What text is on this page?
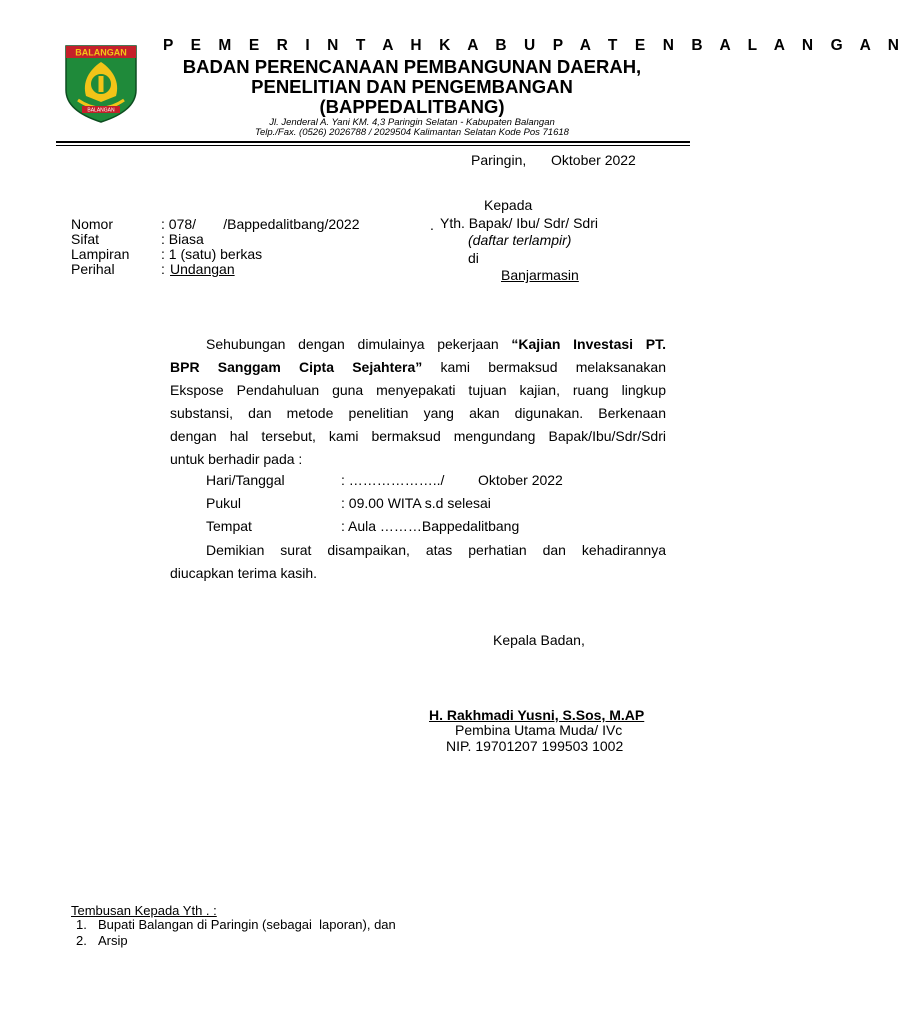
BALANGAN
BALANGAN
P E M E R I N T A H K A B U P A T E N B A L A N G A N
BADAN PERENCANAAN PEMBANGUNAN DAERAH,
PENELITIAN DAN PENGEMBANGAN
(BAPPEDALITBANG)
Jl. Jenderal A. Yani KM. 4,3 Paringin Selatan - Kabupaten Balangan
Telp./Fax. (0526) 2026788 / 2029504 Kalimantan Selatan Kode Pos 71618
Paringin, Oktober 2022
Kepada
. Yth. Bapak/ Ibu/ Sdr/ Sdri
(daftar terlampir)
di
Banjarmasin
Nomor	: 078/       /Bappedalitbang/2022
Sifat	: Biasa
Lampiran : 1 (satu) berkas
Perihal	: Undangan
Sehubungan dengan dimulainya pekerjaan “Kajian Investasi PT.
BPR Sanggam Cipta Sejahtera” kami bermaksud melaksanakan
Ekspose Pendahuluan guna menyepakati tujuan kajian, ruang lingkup
substansi, dan metode penelitian yang akan digunakan. Berkenaan
dengan hal tersebut, kami bermaksud mengundang Bapak/Ibu/Sdr/Sdri
untuk berhadir pada :
Hari/Tanggal	: ………………../ Oktober 2022
Pukul	: 09.00 WITA s.d selesai
Tempat	: Aula ………Bappedalitbang
Demikian surat disampaikan, atas perhatian dan kehadirannya
diucapkan terima kasih.
Kepala Badan,
H. Rakhmadi Yusni, S.Sos, M.AP
Pembina Utama Muda/ IVc
NIP. 19701207 199503 1002
Tembusan Kepada Yth . :
1. Bupati Balangan di Paringin (sebagai  laporan), dan
2. Arsip
